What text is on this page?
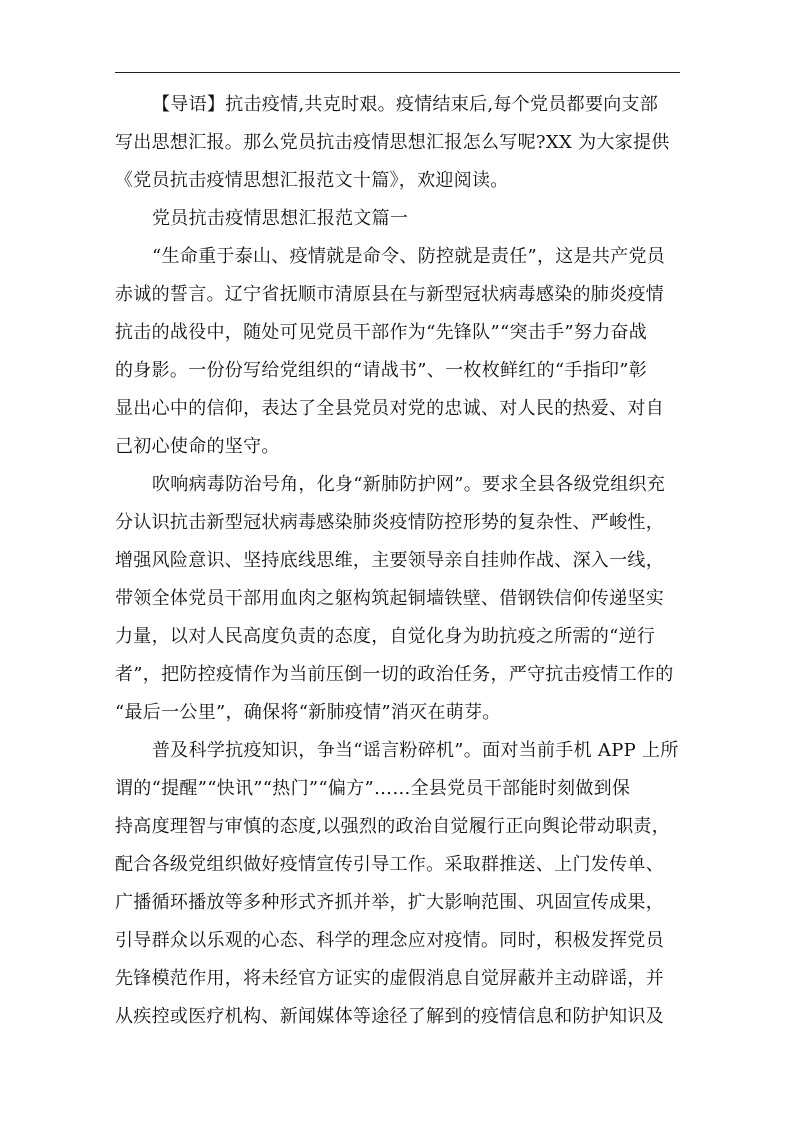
【导语】抗击疫情,共克时艰。疫情结束后,每个党员都要向支部
写出思想汇报。那么党员抗击疫情思想汇报怎么写呢?XX 为大家提供
《党员抗击疫情思想汇报范文十篇》，欢迎阅读。
党员抗击疫情思想汇报范文篇一
“生命重于泰山、疫情就是命令、防控就是责任”，这是共产党员
赤诚的誓言。辽宁省抚顺市清原县在与新型冠状病毒感染的肺炎疫情
抗击的战役中，随处可见党员干部作为“先锋队”“突击手”努力奋战
的身影。一份份写给党组织的“请战书”、一枚枚鲜红的“手指印”彰
显出心中的信仰，表达了全县党员对党的忠诚、对人民的热爱、对自
己初心使命的坚守。
吹响病毒防治号角，化身“新肺防护网”。要求全县各级党组织充
分认识抗击新型冠状病毒感染肺炎疫情防控形势的复杂性、严峻性，
增强风险意识、坚持底线思维，主要领导亲自挂帅作战、深入一线，
带领全体党员干部用血肉之躯构筑起铜墙铁壁、借钢铁信仰传递坚实
力量，以对人民高度负责的态度，自觉化身为助抗疫之所需的“逆行
者”，把防控疫情作为当前压倒一切的政治任务，严守抗击疫情工作的
“最后一公里”，确保将“新肺疫情”消灭在萌芽。
普及科学抗疫知识，争当“谣言粉碎机”。面对当前手机 APP 上所
谓的“提醒”“快讯”“热门”“偏方”……全县党员干部能时刻做到保
持高度理智与审慎的态度,以强烈的政治自觉履行正向舆论带动职责，
配合各级党组织做好疫情宣传引导工作。采取群推送、上门发传单、
广播循环播放等多种形式齐抓并举，扩大影响范围、巩固宣传成果，
引导群众以乐观的心态、科学的理念应对疫情。同时，积极发挥党员
先锋模范作用，将未经官方证实的虚假消息自觉屏蔽并主动辟谣，并
从疾控或医疗机构、新闻媒体等途径了解到的疫情信息和防护知识及
